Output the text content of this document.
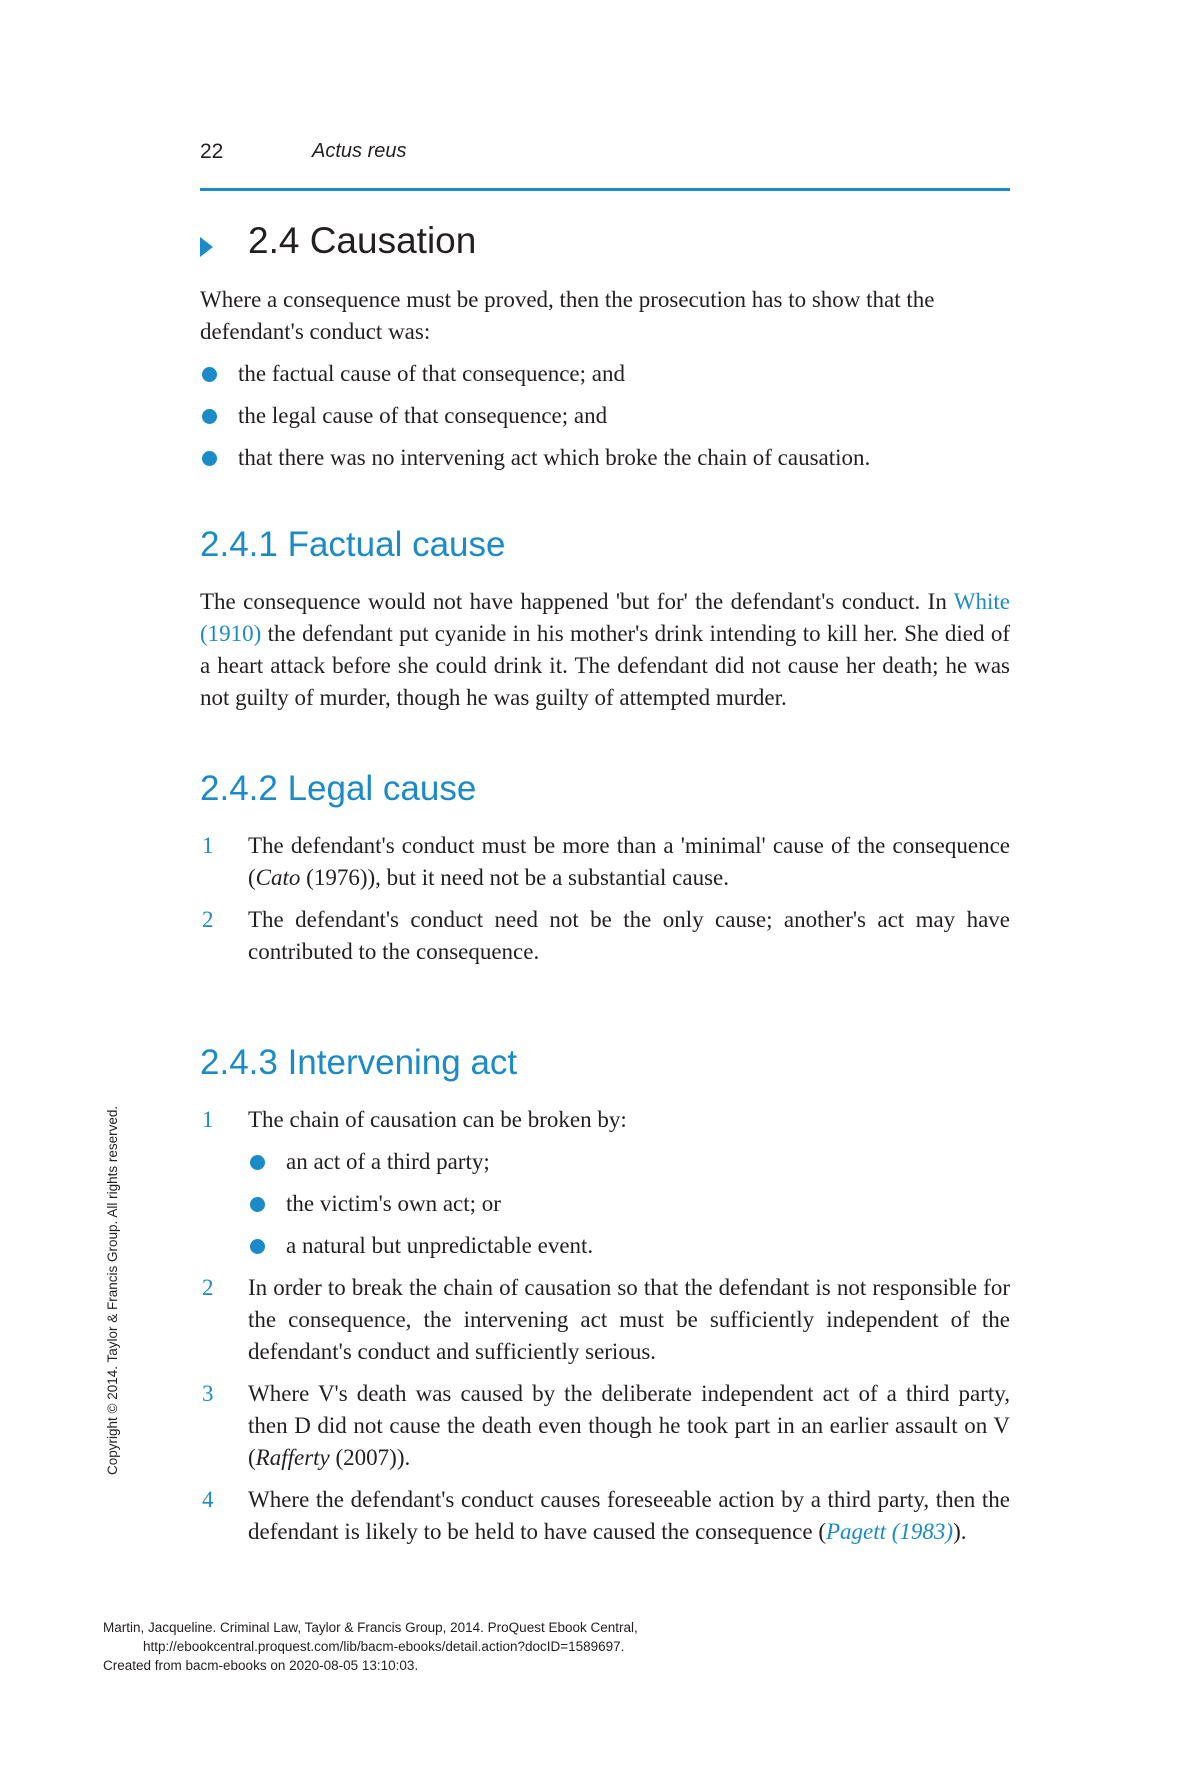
22	Actus reus
2.4 Causation

Where a consequence must be proved, then the prosecution has to show that the defendant's conduct was:

the factual cause of that consequence; and
the legal cause of that consequence; and
that there was no intervening act which broke the chain of causation.
2.4.1 Factual cause

The consequence would not have happened 'but for' the defendant's conduct. In White (1910) the defendant put cyanide in his mother's drink intending to kill her. She died of a heart attack before she could drink it. The defendant did not cause her death; he was not guilty of murder, though he was guilty of attempted murder.

2.4.2 Legal cause
1 The defendant's conduct must be more than a 'minimal' cause of the consequence (Cato (1976)), but it need not be a substantial cause.
2 The defendant's conduct need not be the only cause; another's act may have contributed to the consequence.
2.4.3 Intervening act
1 The chain of causation can be broken by:
an act of a third party;
the victim's own act; or
a natural but unpredictable event.
2 In order to break the chain of causation so that the defendant is not responsible for the consequence, the intervening act must be sufficiently independent of the defendant's conduct and sufficiently serious.
3 Where V's death was caused by the deliberate independent act of a third party, then D did not cause the death even though he took part in an earlier assault on V (Rafferty (2007)).
4 Where the defendant's conduct causes foreseeable action by a third party, then the defendant is likely to be held to have caused the consequence (Pagett (1983)).
Copyright © 2014. Taylor & Francis Group. All rights reserved.
Martin, Jacqueline. Criminal Law, Taylor & Francis Group, 2014. ProQuest Ebook Central,
http://ebookcentral.proquest.com/lib/bacm-ebooks/detail.action?docID=1589697.
Created from bacm-ebooks on 2020-08-05 13:10:03.
